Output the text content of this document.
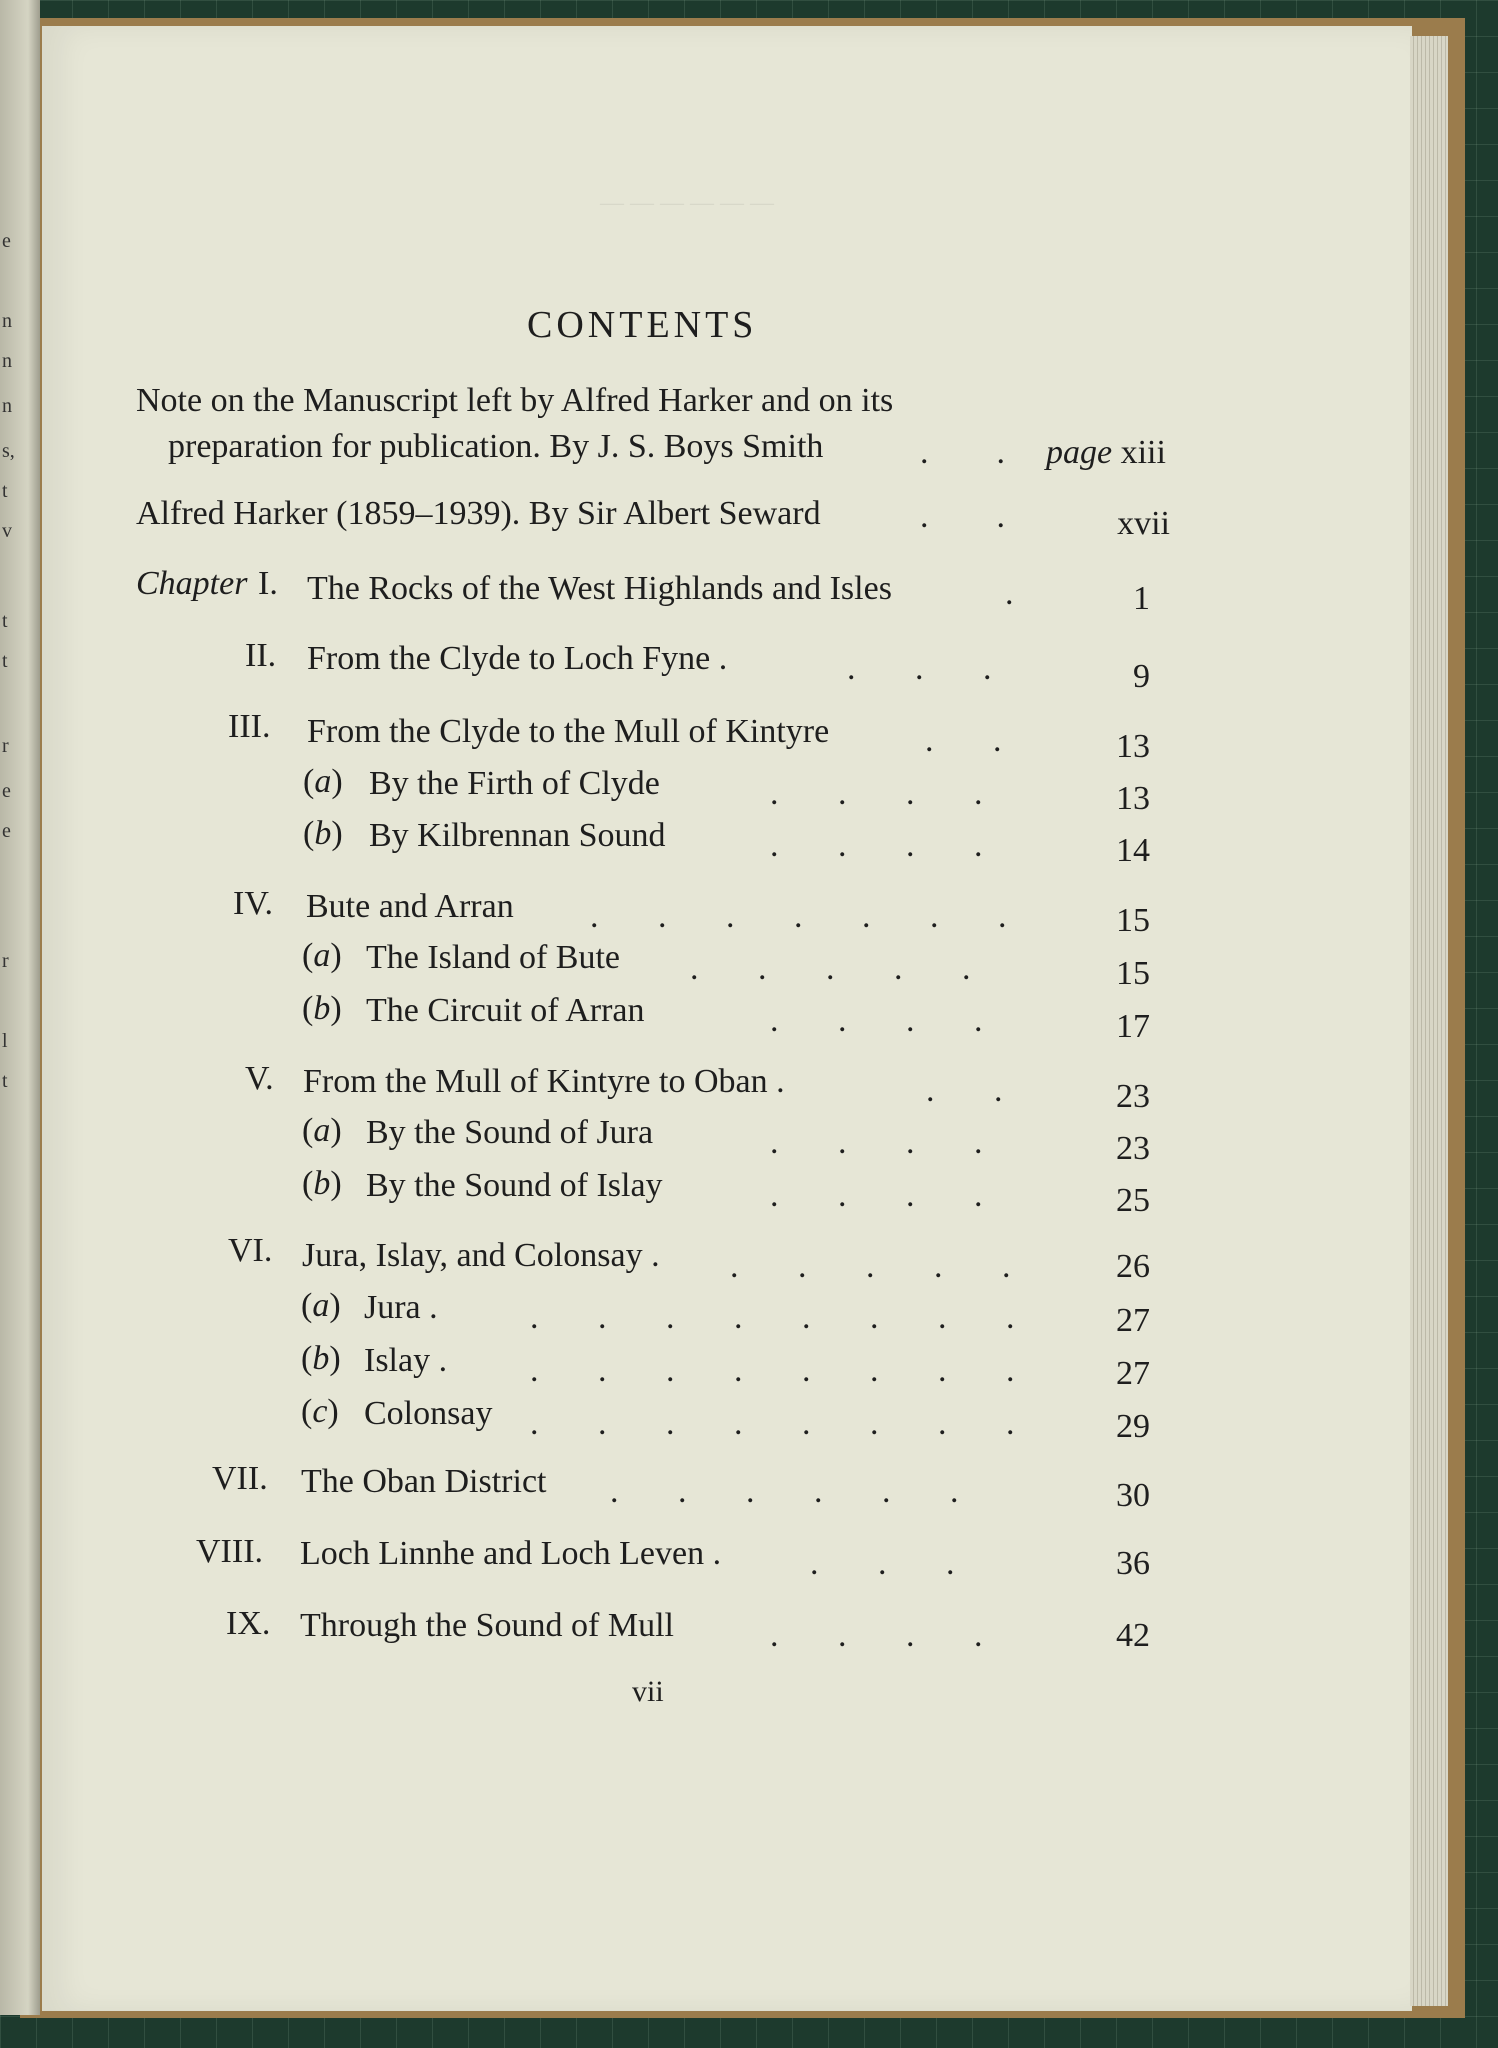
e
n
n
n
s,
t
v
t
t
r
e
e
r
l
t
— — — — — —
CONTENTS
Note on the Manuscript left by Alfred Harker and on its
preparation for publication. By J. S. Boys Smith	.        . page xiii
Alfred Harker (1859–1939). By Sir Albert Seward	.        .	xvii
Chapter I. The Rocks of the West Highlands and Isles	.	1
II. From the Clyde to Loch Fyne .	.       .       .	9
III. From the Clyde to the Mull of Kintyre	.       .	13
(a) By the Firth of Clyde	.       .       .       .	13
(b) By Kilbrennan Sound	.       .       .       .	14
IV. Bute and Arran .       .       .       .       .       .       .	15
(a) The Island of Bute .       .       .       .       .	15
(b) The Circuit of Arran	.       .       .       .	17
V. From the Mull of Kintyre to Oban .	.       .	23
(a) By the Sound of Jura	.       .       .       .	23
(b) By the Sound of Islay	.       .       .       .	25
VI. Jura, Islay, and Colonsay . .       .       .       .       .	26
(a) Jura .	.       .       .       .       .       .       .       .	27
(b) Islay . .       .       .       .       .       .       .       .	27
(c) Colonsay .       .       .       .       .       .       .       .	29
VII. The Oban District .       .       .       .       .       .	30
VIII. Loch Linnhe and Loch Leven .	.       .       .	36
IX. Through the Sound of Mull	.       .       .       .	42
vii
